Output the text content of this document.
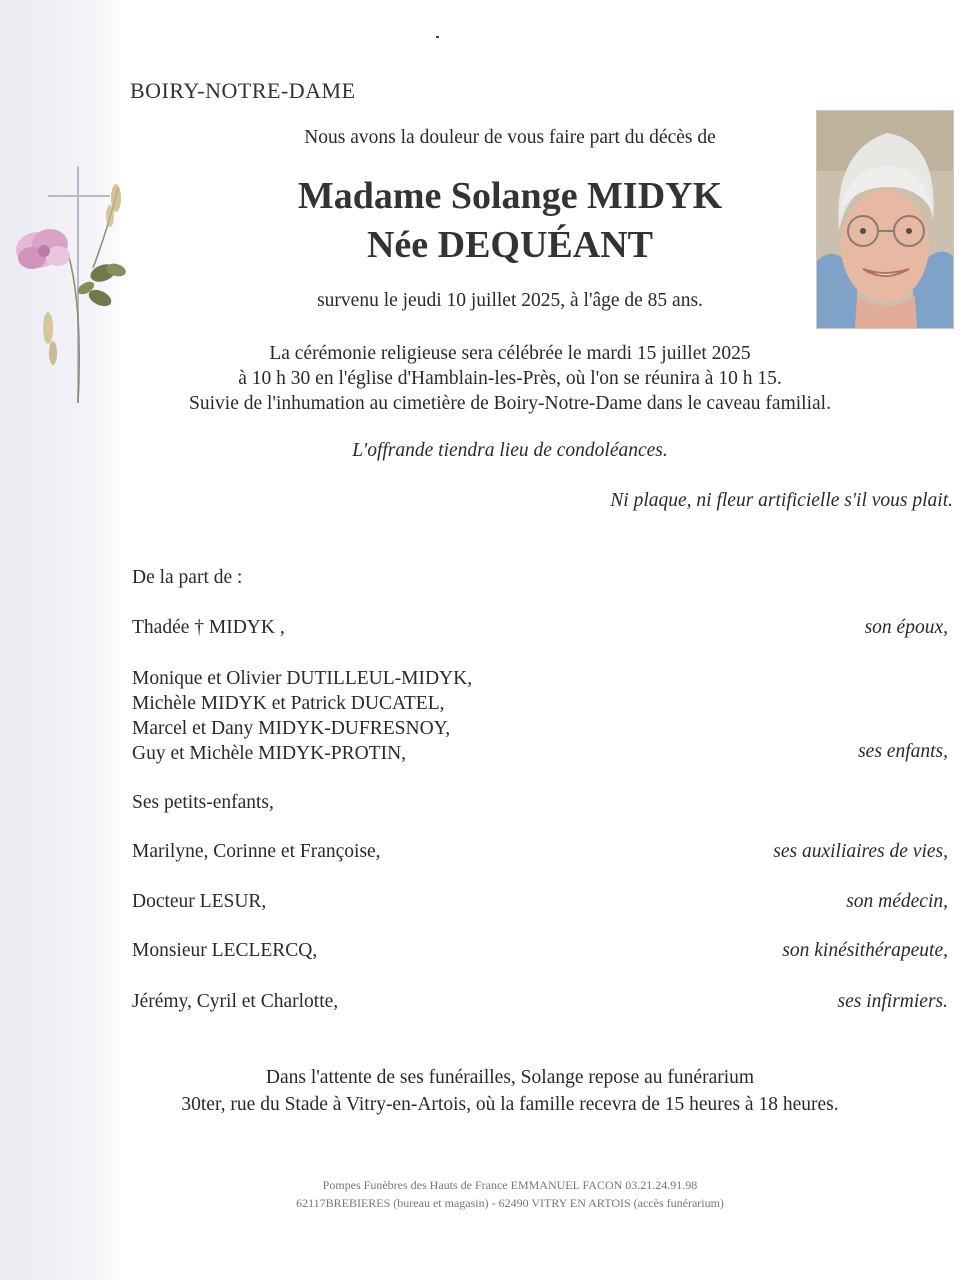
BOIRY-NOTRE-DAME
Nous avons la douleur de vous faire part du décès de
Madame Solange MIDYK
Née DEQUÉANT
survenu le jeudi 10 juillet 2025, à l'âge de 85 ans.
La cérémonie religieuse sera célébrée le mardi 15 juillet 2025
à 10 h 30 en l'église d'Hamblain-les-Près, où l'on se réunira à 10 h 15.
Suivie de l'inhumation au cimetière de Boiry-Notre-Dame dans le caveau familial.
L'offrande tiendra lieu de condoléances.
Ni plaque, ni fleur artificielle s'il vous plait.
De la part de :
Thadée † MIDYK ,	son époux,
Monique et Olivier DUTILLEUL-MIDYK,
Michèle MIDYK et Patrick DUCATEL,
Marcel et Dany MIDYK-DUFRESNOY,
Guy et Michèle MIDYK-PROTIN,	ses enfants,
Ses petits-enfants,
Marilyne, Corinne et Françoise,	ses auxiliaires de vies,
Docteur LESUR,	son médecin,
Monsieur LECLERCQ,	son kinésithérapeute,
Jérémy, Cyril et Charlotte,	ses infirmiers.
Dans l'attente de ses funérailles, Solange repose au funérarium
30ter, rue du Stade à Vitry-en-Artois, où la famille recevra de 15 heures à 18 heures.
Pompes Funèbres des Hauts de France EMMANUEL FACON 03.21.24.91.98
62117BREBIERES (bureau et magasin) - 62490 VITRY EN ARTOIS (accès funérarium)
